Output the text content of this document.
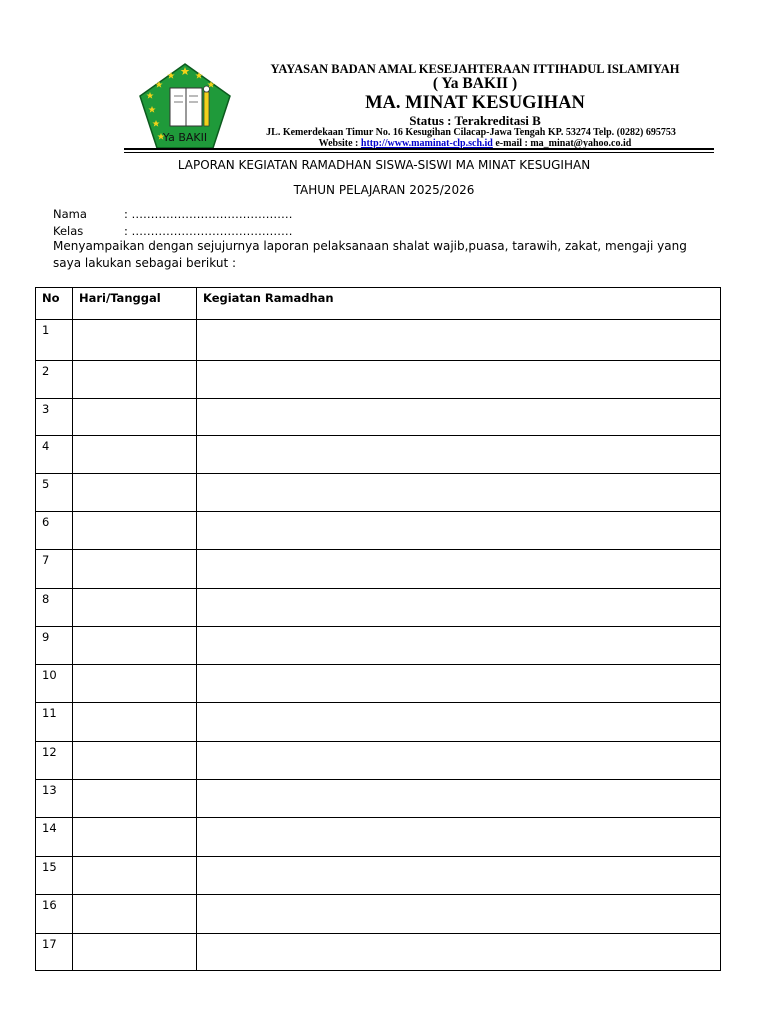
Ya BAKII
YAYASAN BADAN AMAL KESEJAHTERAAN ITTIHADUL ISLAMIYAH
( Ya BAKII )
MA. MINAT KESUGIHAN
Status : Terakreditasi B
JL. Kemerdekaan Timur No. 16 Kesugihan Cilacap-Jawa Tengah KP. 53274 Telp. (0282) 695753
Website : http://www.maminat-clp.sch.id e-mail : ma_minat@yahoo.co.id
LAPORAN KEGIATAN RAMADHAN SISWA-SISWI MA MINAT KESUGIHAN
TAHUN PELAJARAN 2025/2026
Nama	: ……………………………………
Kelas	: ……………………………………
Menyampaikan dengan sejujurnya laporan pelaksanaan shalat wajib,puasa, tarawih, zakat, mengaji yang saya lakukan sebagai berikut :
No	Hari/Tanggal	Kegiatan Ramadhan
1		
2		
3		
4		
5		
6		
7		
8		
9		
10		
11		
12		
13		
14		
15		
16		
17		
